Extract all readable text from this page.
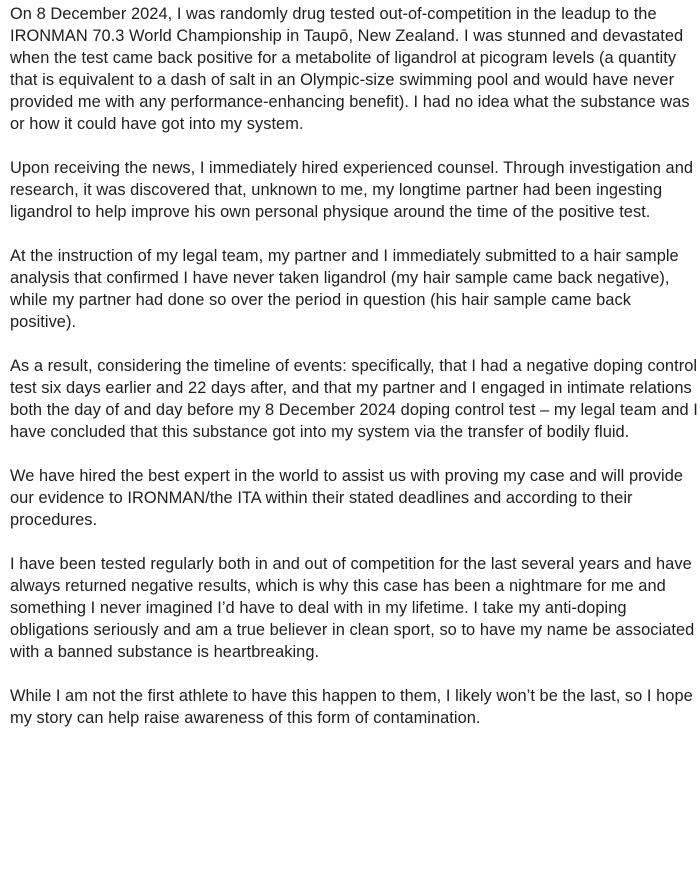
On 8 December 2024, I was randomly drug tested out-of-competition in the leadup to the IRONMAN 70.3 World Championship in Taupō, New Zealand. I was stunned and devastated when the test came back positive for a metabolite of ligandrol at picogram levels (a quantity that is equivalent to a dash of salt in an Olympic-size swimming pool and would have never provided me with any performance-enhancing benefit). I had no idea what the substance was or how it could have got into my system.

Upon receiving the news, I immediately hired experienced counsel. Through investigation and research, it was discovered that, unknown to me, my longtime partner had been ingesting ligandrol to help improve his own personal physique around the time of the positive test.

At the instruction of my legal team, my partner and I immediately submitted to a hair sample analysis that confirmed I have never taken ligandrol (my hair sample came back negative), while my partner had done so over the period in question (his hair sample came back positive).

As a result, considering the timeline of events: specifically, that I had a negative doping control test six days earlier and 22 days after, and that my partner and I engaged in intimate relations both the day of and day before my 8 December 2024 doping control test – my legal team and I have concluded that this substance got into my system via the transfer of bodily fluid.

We have hired the best expert in the world to assist us with proving my case and will provide our evidence to IRONMAN/the ITA within their stated deadlines and according to their procedures.

I have been tested regularly both in and out of competition for the last several years and have always returned negative results, which is why this case has been a nightmare for me and something I never imagined I’d have to deal with in my lifetime. I take my anti-doping obligations seriously and am a true believer in clean sport, so to have my name be associated with a banned substance is heartbreaking.

While I am not the first athlete to have this happen to them, I likely won’t be the last, so I hope my story can help raise awareness of this form of contamination.
